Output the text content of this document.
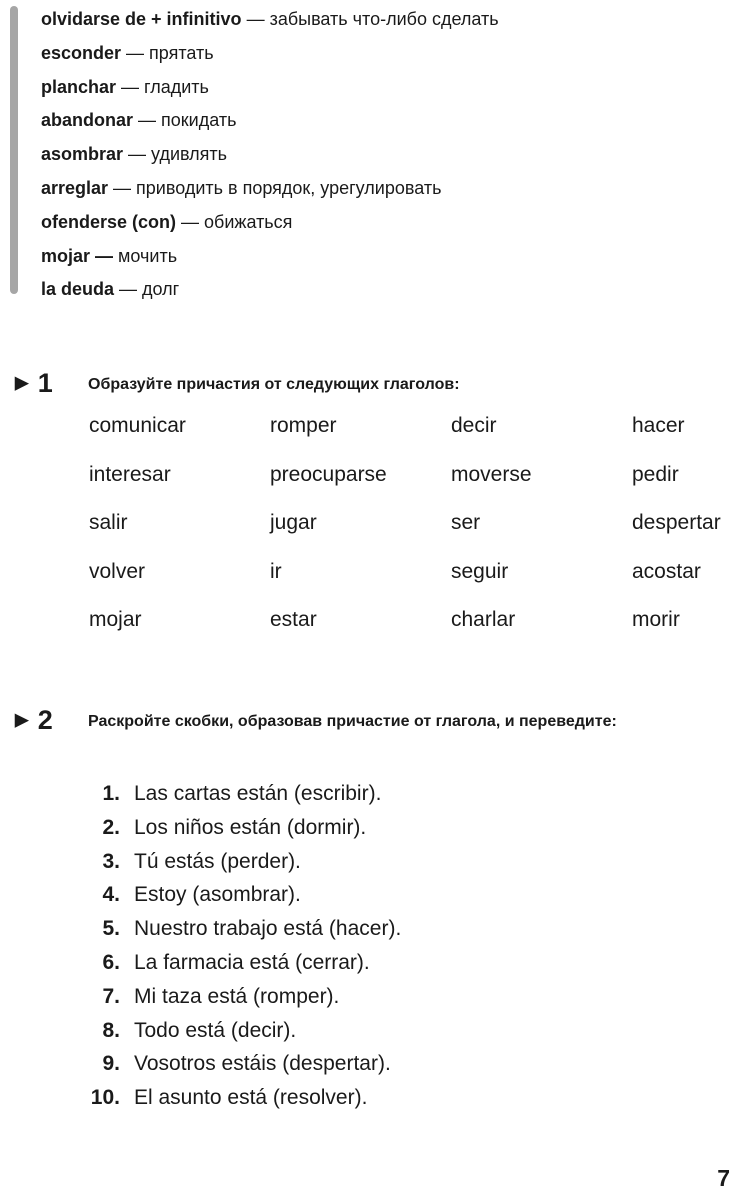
olvidarse de + infinitivo — забывать что-либо сделать
esconder — прятать
planchar — гладить
abandonar — покидать
asombrar — удивлять
arreglar — приводить в порядок, урегулировать
ofenderse (con) — обижаться
mojar — мочить
la deuda — долг
► 1 Образуйте причастия от следующих глаголов:
comunicar	romper	decir	hacer
interesar	preocuparse	moverse	pedir
salir	jugar	ser	despertar
volver	ir	seguir	acostar
mojar	estar	charlar	morir
► 2 Раскройте скобки, образовав причастие от глагола, и переведите:
1. Las cartas están (escribir).
2. Los niños están (dormir).
3. Tú estás (perder).
4. Estoy (asombrar).
5. Nuestro trabajo está (hacer).
6. La farmacia está (cerrar).
7. Mi taza está (romper).
8. Todo está (decir).
9. Vosotros estáis (despertar).
10. El asunto está (resolver).
7
